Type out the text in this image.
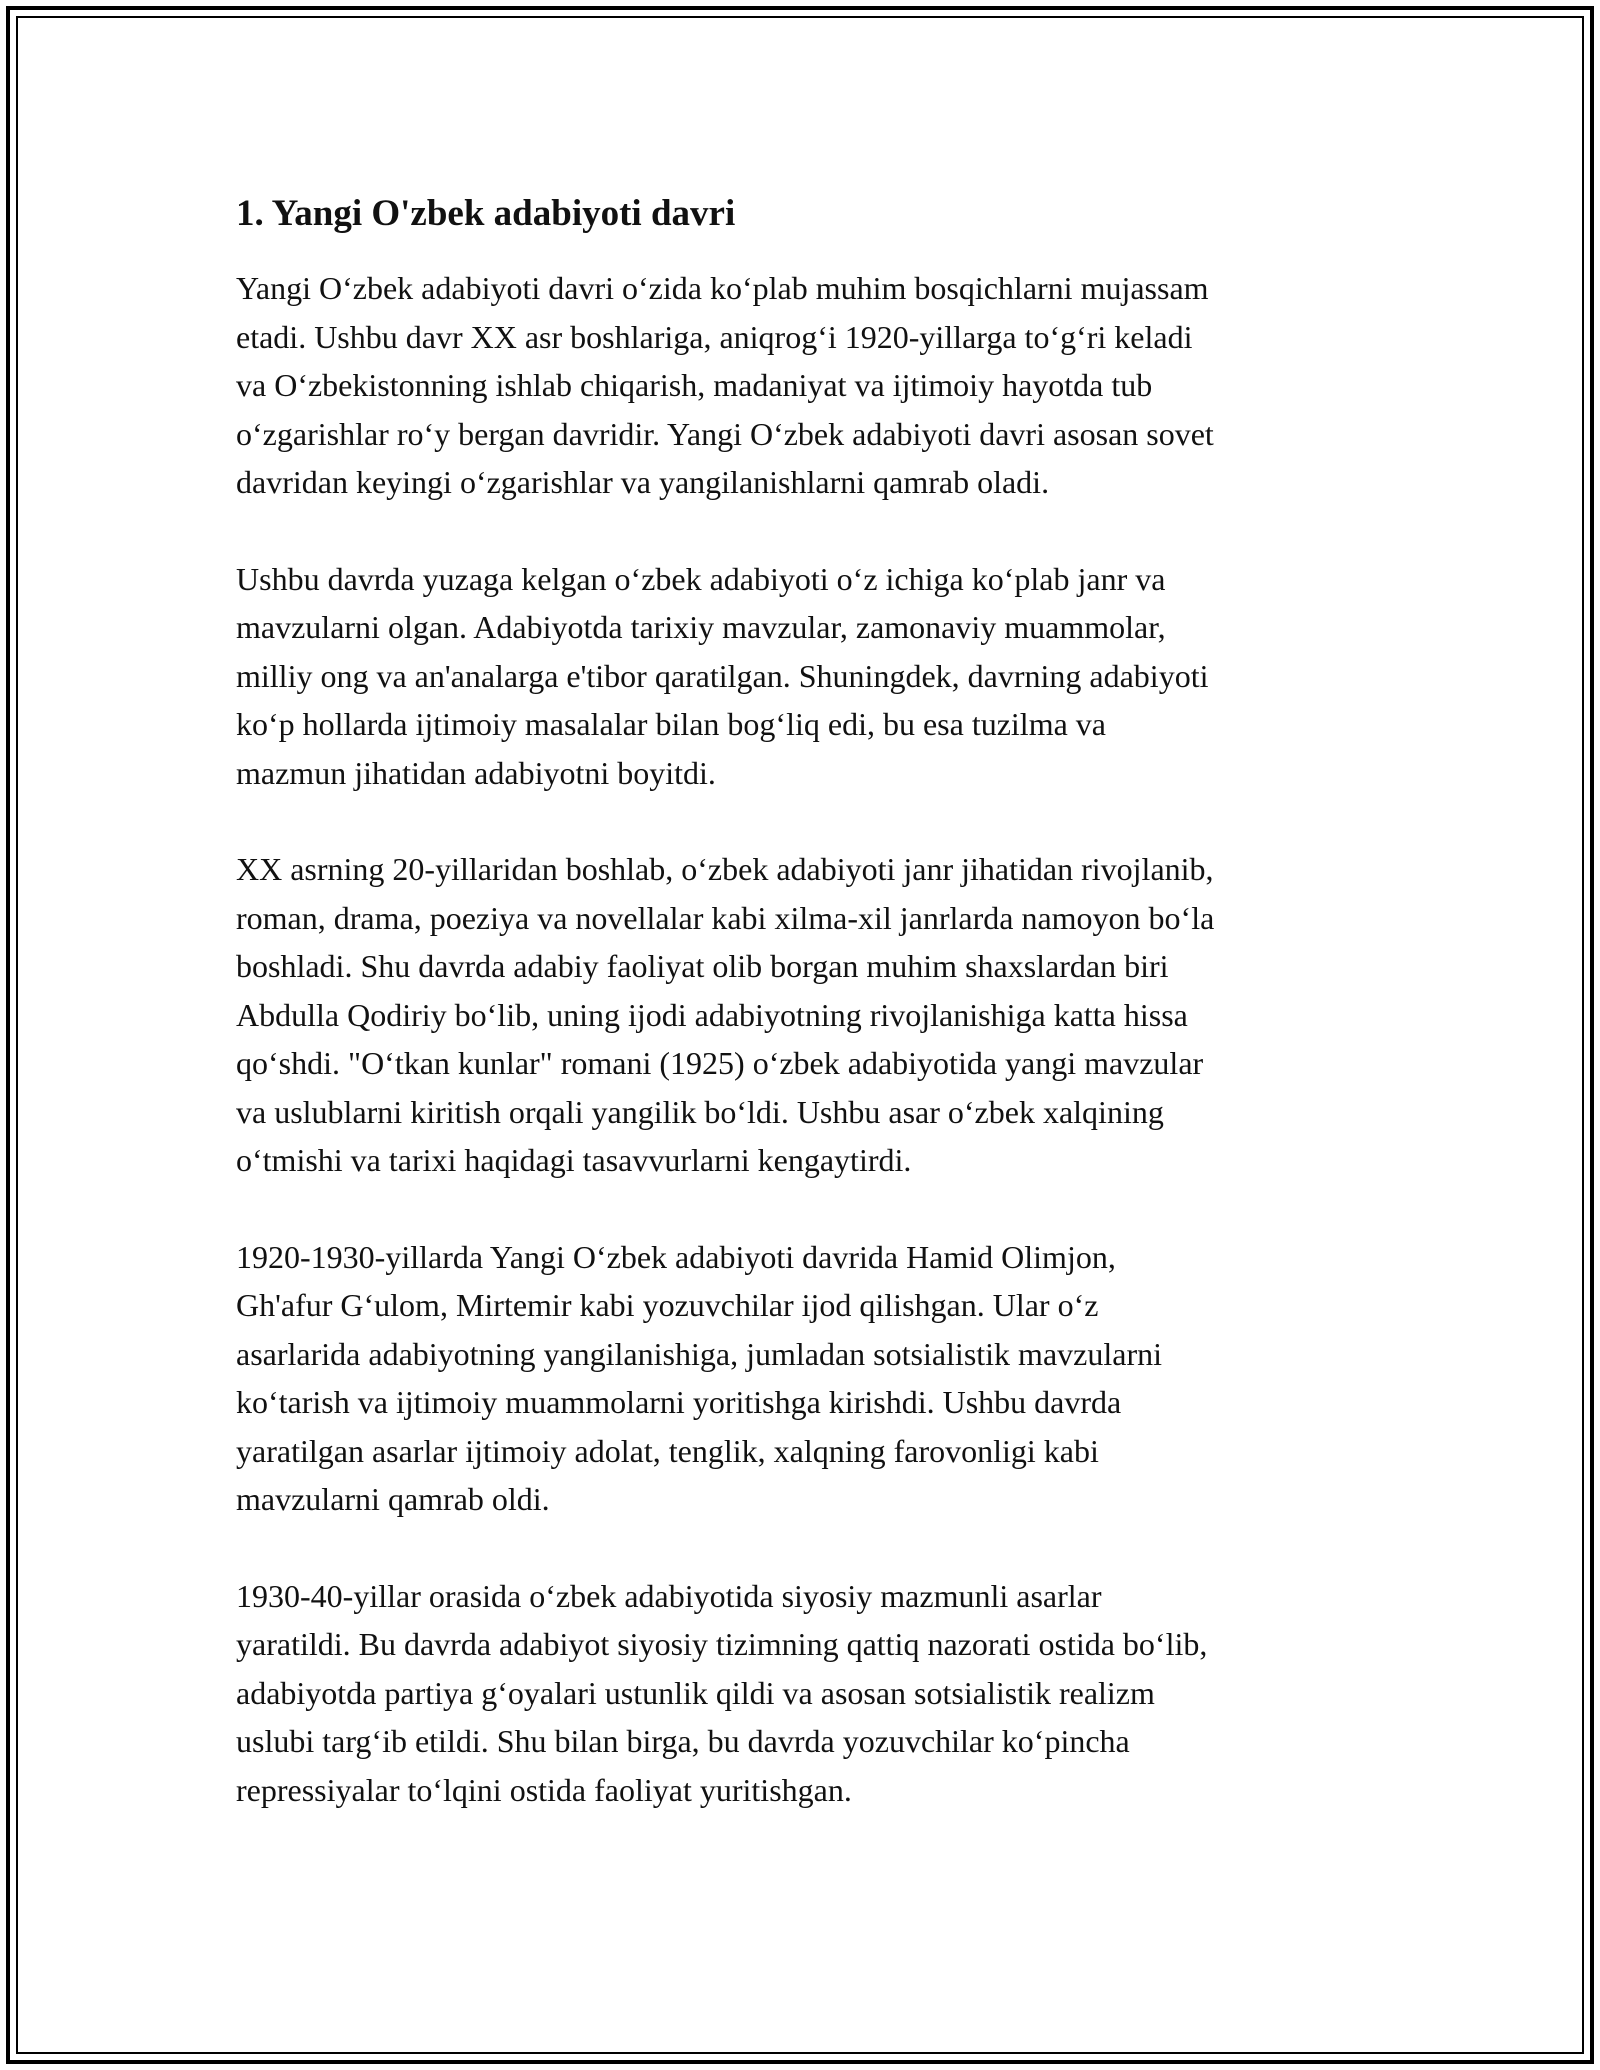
1. Yangi O'zbek adabiyoti davri

Yangi O‘zbek adabiyoti davri o‘zida ko‘plab muhim bosqichlarni mujassam
etadi. Ushbu davr XX asr boshlariga, aniqrog‘i 1920-yillarga to‘g‘ri keladi
va O‘zbekistonning ishlab chiqarish, madaniyat va ijtimoiy hayotda tub
o‘zgarishlar ro‘y bergan davridir. Yangi O‘zbek adabiyoti davri asosan sovet
davridan keyingi o‘zgarishlar va yangilanishlarni qamrab oladi.

Ushbu davrda yuzaga kelgan o‘zbek adabiyoti o‘z ichiga ko‘plab janr va
mavzularni olgan. Adabiyotda tarixiy mavzular, zamonaviy muammolar,
milliy ong va an'analarga e'tibor qaratilgan. Shuningdek, davrning adabiyoti
ko‘p hollarda ijtimoiy masalalar bilan bog‘liq edi, bu esa tuzilma va
mazmun jihatidan adabiyotni boyitdi.

XX asrning 20-yillaridan boshlab, o‘zbek adabiyoti janr jihatidan rivojlanib,
roman, drama, poeziya va novellalar kabi xilma-xil janrlarda namoyon bo‘la
boshladi. Shu davrda adabiy faoliyat olib borgan muhim shaxslardan biri
Abdulla Qodiriy bo‘lib, uning ijodi adabiyotning rivojlanishiga katta hissa
qo‘shdi. "O‘tkan kunlar" romani (1925) o‘zbek adabiyotida yangi mavzular
va uslublarni kiritish orqali yangilik bo‘ldi. Ushbu asar o‘zbek xalqining
o‘tmishi va tarixi haqidagi tasavvurlarni kengaytirdi.

1920-1930-yillarda Yangi O‘zbek adabiyoti davrida Hamid Olimjon,
Gh'afur G‘ulom, Mirtemir kabi yozuvchilar ijod qilishgan. Ular o‘z
asarlarida adabiyotning yangilanishiga, jumladan sotsialistik mavzularni
ko‘tarish va ijtimoiy muammolarni yoritishga kirishdi. Ushbu davrda
yaratilgan asarlar ijtimoiy adolat, tenglik, xalqning farovonligi kabi
mavzularni qamrab oldi.

1930-40-yillar orasida o‘zbek adabiyotida siyosiy mazmunli asarlar
yaratildi. Bu davrda adabiyot siyosiy tizimning qattiq nazorati ostida bo‘lib,
adabiyotda partiya g‘oyalari ustunlik qildi va asosan sotsialistik realizm
uslubi targ‘ib etildi. Shu bilan birga, bu davrda yozuvchilar ko‘pincha
repressiyalar to‘lqini ostida faoliyat yuritishgan.
